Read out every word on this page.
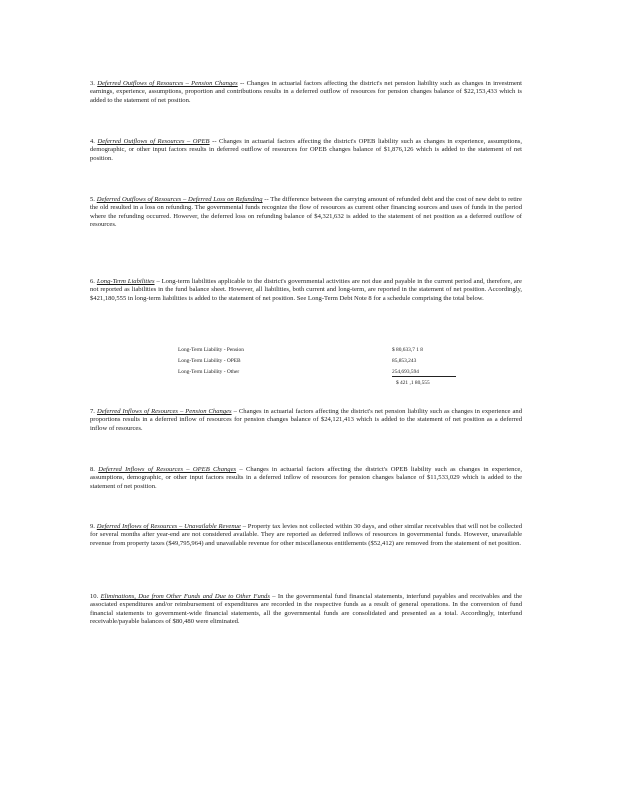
3. Deferred Outflows of Resources – Pension Changes -- Changes in actuarial factors affecting the district's net pension liability such as changes in investment earnings, experience, assumptions, proportion and contributions results in a deferred outflow of resources for pension changes balance of $22,153,433 which is added to the statement of net position.
4. Deferred Outflows of Resources – OPEB -- Changes in actuarial factors affecting the district's OPEB liability such as changes in experience, assumptions, demographic, or other input factors results in deferred outflow of resources for OPEB changes balance of $1,876,126 which is added to the statement of net position.
5. Deferred Outflows of Resources – Deferred Loss on Refunding -- The difference between the carrying amount of refunded debt and the cost of new debt to retire the old resulted in a loss on refunding. The governmental funds recognize the flow of resources as current other financing sources and uses of funds in the period where the refunding occurred. However, the deferred loss on refunding balance of $4,321,632 is added to the statement of net position as a deferred outflow of resources.
6. Long-Term Liabilities – Long-term liabilities applicable to the district's governmental activities are not due and payable in the current period and, therefore, are not reported as liabilities in the fund balance sheet. However, all liabilities, both current and long-term, are reported in the statement of net position. Accordingly, $421,180,555 in long-term liabilities is added to the statement of net position. See Long-Term Debt Note 8 for a schedule comprising the total below.
Long-Term Liability - Pension	$ 80,633,7 1 8
Long-Term Liability - OPEB	85,853,243
Long-Term Liability - Other	254,693,594
$ 421 ,1 80,555
7. Deferred Inflows of Resources – Pension Changes – Changes in actuarial factors affecting the district's net pension liability such as changes in experience and proportions results in a deferred inflow of resources for pension changes balance of $24,121,413 which is added to the statement of net position as a deferred inflow of resources.
8. Deferred Inflows of Resources – OPEB Changes – Changes in actuarial factors affecting the district's OPEB liability such as changes in experience, assumptions, demographic, or other input factors results in a deferred inflow of resources for pension changes balance of $11,533,029 which is added to the statement of net position.
9. Deferred Inflows of Resources – Unavailable Revenue – Property tax levies not collected within 30 days, and other similar receivables that will not be collected for several months after year-end are not considered available. They are reported as deferred inflows of resources in governmental funds. However, unavailable revenue from property taxes ($49,795,964) and unavailable revenue for other miscellaneous entitlements ($52,412) are removed from the statement of net position.
10. Eliminations, Due from Other Funds and Due to Other Funds – In the governmental fund financial statements, interfund payables and receivables and the associated expenditures and/or reimbursement of expenditures are recorded in the respective funds as a result of general operations. In the conversion of fund financial statements to government-wide financial statements, all the governmental funds are consolidated and presented as a total. Accordingly, interfund receivable/payable balances of $80,480 were eliminated.
